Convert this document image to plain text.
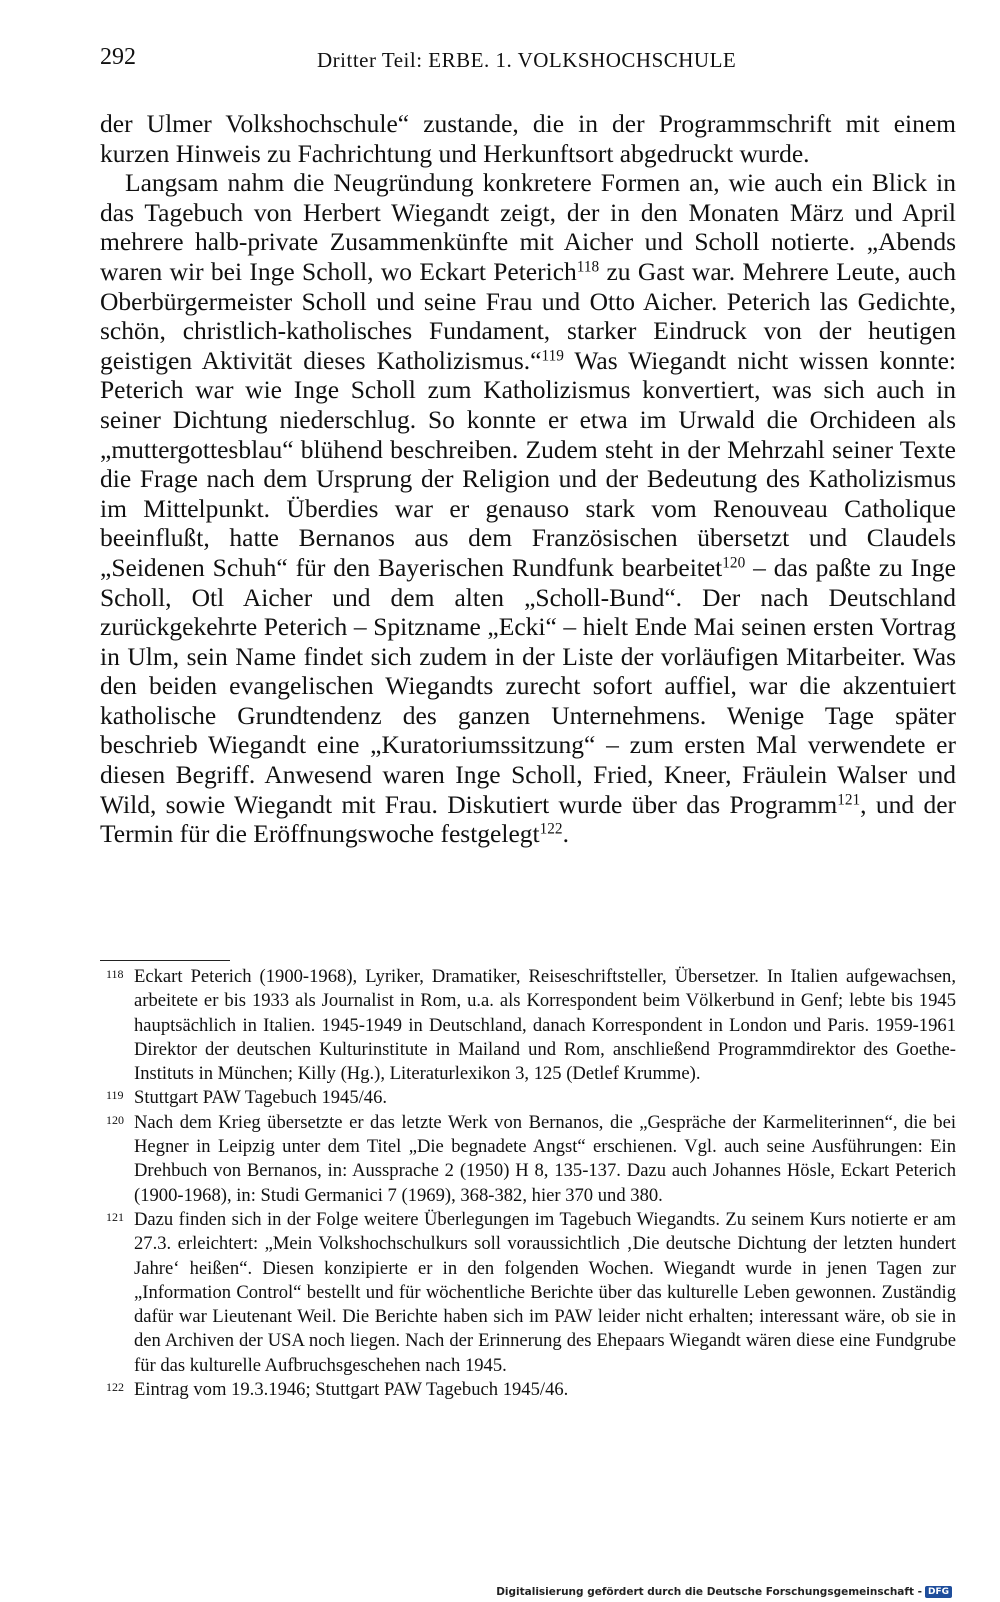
292	Dritter Teil: ERBE. 1. VOLKSHOCHSCHULE

der Ulmer Volkshochschule“ zustande, die in der Programmschrift mit einem kurzen Hinweis zu Fachrichtung und Herkunftsort abgedruckt wurde.

Langsam nahm die Neugründung konkretere Formen an, wie auch ein Blick in das Tagebuch von Herbert Wiegandt zeigt, der in den Monaten März und April mehrere halb-private Zusammenkünfte mit Aicher und Scholl notierte. „Abends waren wir bei Inge Scholl, wo Eckart Peterich$^{118}$ zu Gast war. Mehrere Leute, auch Oberbürgermeister Scholl und seine Frau und Otto Aicher. Peterich las Gedichte, schön, christlich-katholisches Fundament, starker Eindruck von der heutigen geistigen Aktivität dieses Katholizismus.“$^{119}$ Was Wiegandt nicht wissen konnte: Peterich war wie Inge Scholl zum Katholizismus konvertiert, was sich auch in seiner Dichtung niederschlug. So konnte er etwa im Urwald die Orchideen als „muttergottesblau“ blühend beschreiben. Zudem steht in der Mehrzahl seiner Texte die Frage nach dem Ursprung der Religion und der Bedeutung des Katholizismus im Mittelpunkt. Überdies war er genauso stark vom Renouveau Catholique beeinflußt, hatte Bernanos aus dem Französischen übersetzt und Claudels „Seidenen Schuh“ für den Bayerischen Rundfunk bearbeitet$^{120}$ – das paßte zu Inge Scholl, Otl Aicher und dem alten „Scholl-Bund“. Der nach Deutschland zurückgekehrte Peterich – Spitzname „Ecki“ – hielt Ende Mai seinen ersten Vortrag in Ulm, sein Name findet sich zudem in der Liste der vorläufigen Mitarbeiter. Was den beiden evangelischen Wiegandts zurecht sofort auffiel, war die akzentuiert katholische Grundtendenz des ganzen Unternehmens. Wenige Tage später beschrieb Wiegandt eine „Kuratoriumssitzung“ – zum ersten Mal verwendete er diesen Begriff. Anwesend waren Inge Scholl, Fried, Kneer, Fräulein Walser und Wild, sowie Wiegandt mit Frau. Diskutiert wurde über das Programm$^{121}$, und der Termin für die Eröffnungswoche festgelegt$^{122}$.

118 Eckart Peterich (1900-1968), Lyriker, Dramatiker, Reiseschriftsteller, Übersetzer. In Italien aufgewachsen, arbeitete er bis 1933 als Journalist in Rom, u.a. als Korrespondent beim Völkerbund in Genf; lebte bis 1945 hauptsächlich in Italien. 1945-1949 in Deutschland, danach Korrespondent in London und Paris. 1959-1961 Direktor der deutschen Kulturinstitute in Mailand und Rom, anschließend Programmdirektor des Goethe-Instituts in München; Killy (Hg.), Literaturlexikon 3, 125 (Detlef Krumme).
119 Stuttgart PAW Tagebuch 1945/46.
120 Nach dem Krieg übersetzte er das letzte Werk von Bernanos, die „Gespräche der Karmeliterinnen“, die bei Hegner in Leipzig unter dem Titel „Die begnadete Angst“ erschienen. Vgl. auch seine Ausführungen: Ein Drehbuch von Bernanos, in: Aussprache 2 (1950) H 8, 135-137. Dazu auch Johannes Hösle, Eckart Peterich (1900-1968), in: Studi Germanici 7 (1969), 368-382, hier 370 und 380.
121 Dazu finden sich in der Folge weitere Überlegungen im Tagebuch Wiegandts. Zu seinem Kurs notierte er am 27.3. erleichtert: „Mein Volkshochschulkurs soll voraussichtlich ‚Die deutsche Dichtung der letzten hundert Jahre‘ heißen“. Diesen konzipierte er in den folgenden Wochen. Wiegandt wurde in jenen Tagen zur „Information Control“ bestellt und für wöchentliche Berichte über das kulturelle Leben gewonnen. Zuständig dafür war Lieutenant Weil. Die Berichte haben sich im PAW leider nicht erhalten; interessant wäre, ob sie in den Archiven der USA noch liegen. Nach der Erinnerung des Ehepaars Wiegandt wären diese eine Fundgrube für das kulturelle Aufbruchsgeschehen nach 1945.
122 Eintrag vom 19.3.1946; Stuttgart PAW Tagebuch 1945/46.
Digitalisierung gefördert durch die Deutsche Forschungsgemeinschaft - DFG
